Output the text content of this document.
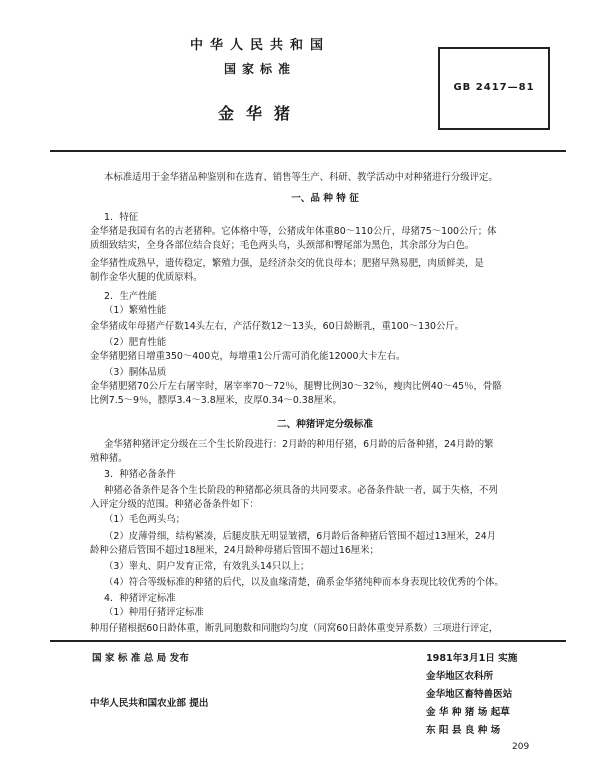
中华人民共和国
国家标准
金华猪
GB 2417—81
本标准适用于金华猪品种鉴别和在选育、销售等生产、科研、教学活动中对种猪进行分级评定。
一、品 种 特 征
1．特征
金华猪是我国有名的古老猪种。它体格中等，公猪成年体重80～110公斤，母猪75～100公斤；体
质细致结实，全身各部位结合良好；毛色两头乌，头颈部和臀尾部为黑色，其余部分为白色。
金华猪性成熟早，遗传稳定，繁殖力强，是经济杂交的优良母本；肥猪早熟易肥，肉质鲜美，是
制作金华火腿的优质原料。
2．生产性能
（1）繁殖性能
金华猪成年母猪产仔数14头左右，产活仔数12～13头，60日龄断乳，重100～130公斤。
（2）肥育性能
金华猪肥猪日增重350～400克，每增重1公斤需可消化能12000大卡左右。
（3）胴体品质
金华猪肥猪70公斤左右屠宰时，屠宰率70～72％，腿臀比例30～32％，瘦肉比例40～45％，骨骼
比例7.5～9％，膘厚3.4～3.8厘米，皮厚0.34～0.38厘米。
二、种猪评定分级标准
金华猪种猪评定分级在三个生长阶段进行：2月龄的种用仔猪，6月龄的后备种猪，24月龄的繁
殖种猪。
3．种猪必备条件
种猪必备条件是各个生长阶段的种猪都必须具备的共同要求。必备条件缺一者，属于失格，不列
入评定分级的范围。种猪必备条件如下：
（1）毛色两头乌；
（2）皮薄骨细，结构紧凑，后腿皮肤无明显皱褶，6月龄后备种猪后管围不超过13厘米，24月
龄种公猪后管围不超过18厘米，24月龄种母猪后管围不超过16厘米；
（3）睾丸、阴户发育正常，有效乳头14只以上；
（4）符合等级标准的种猪的后代，以及血缘清楚，确系金华猪纯种而本身表现比较优秀的个体。
4．种猪评定标准
（1）种用仔猪评定标准
种用仔猪根据60日龄体重，断乳同胞数和同胞均匀度（同窝60日龄体重变异系数）三项进行评定，
国 家 标 准 总 局 发布	1981年3月1日 实施
金华地区农科所
金华地区畜特兽医站
中华人民共和国农业部 提出
金 华 种 猪 场 起草
东 阳 县 良 种 场
209
